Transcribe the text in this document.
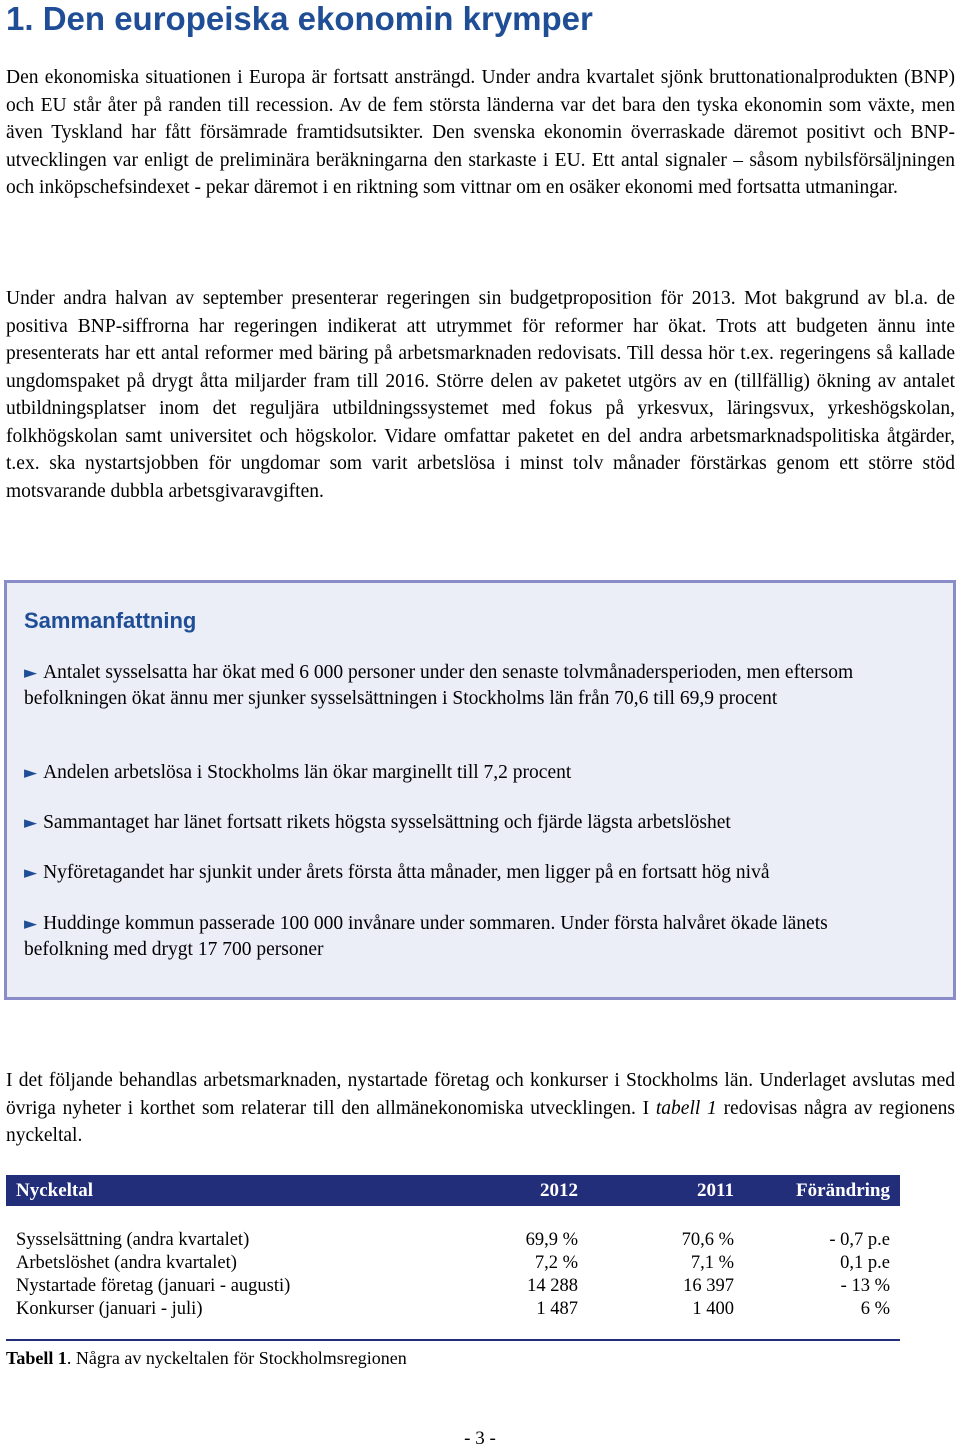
1. Den europeiska ekonomin krymper

Den ekonomiska situationen i Europa är fortsatt ansträngd. Under andra kvartalet sjönk bruttonationalprodukten (BNP) och EU står åter på randen till recession. Av de fem största länderna var det bara den tyska ekonomin som växte, men även Tyskland har fått försämrade framtidsutsikter. Den svenska ekonomin överraskade däremot positivt och BNP-utvecklingen var enligt de preliminära beräkningarna den starkaste i EU. Ett antal signaler – såsom nybilsförsäljningen och inköpschefsindexet - pekar däremot i en riktning som vittnar om en osäker ekonomi med fortsatta utmaningar.

Under andra halvan av september presenterar regeringen sin budgetproposition för 2013. Mot bakgrund av bl.a. de positiva BNP-siffrorna har regeringen indikerat att utrymmet för reformer har ökat. Trots att budgeten ännu inte presenterats har ett antal reformer med bäring på arbetsmarknaden redovisats. Till dessa hör t.ex. regeringens så kallade ungdomspaket på drygt åtta miljarder fram till 2016. Större delen av paketet utgörs av en (tillfällig) ökning av antalet utbildningsplatser inom det reguljära utbildningssystemet med fokus på yrkesvux, läringsvux, yrkeshögskolan, folkhögskolan samt universitet och högskolor. Vidare omfattar paketet en del andra arbetsmarknadspolitiska åtgärder, t.ex. ska nystartsjobben för ungdomar som varit arbetslösa i minst tolv månader förstärkas genom ett större stöd motsvarande dubbla arbetsgivaravgiften.

Sammanfattning

► Antalet sysselsatta har ökat med 6 000 personer under den senaste tolvmånadersperioden, men eftersom befolkningen ökat ännu mer sjunker sysselsättningen i Stockholms län från 70,6 till 69,9 procent

► Andelen arbetslösa i Stockholms län ökar marginellt till 7,2 procent

► Sammantaget har länet fortsatt rikets högsta sysselsättning och fjärde lägsta arbetslöshet

► Nyföretagandet har sjunkit under årets första åtta månader, men ligger på en fortsatt hög nivå

► Huddinge kommun passerade 100 000 invånare under sommaren. Under första halvåret ökade länets befolkning med drygt 17 700 personer

I det följande behandlas arbetsmarknaden, nystartade företag och konkurser i Stockholms län. Underlaget avslutas med övriga nyheter i korthet som relaterar till den allmänekonomiska utvecklingen. I tabell 1 redovisas några av regionens nyckeltal.

Nyckeltal	2012	2011	Förändring
Sysselsättning (andra kvartalet)	69,9 %	70,6 %	- 0,7 p.e
Arbetslöshet (andra kvartalet)	7,2 %	7,1 %	0,1 p.e
Nystartade företag (januari - augusti)	14 288	16 397	- 13 %
Konkurser (januari - juli)	1 487	1 400	6 %

Tabell 1. Några av nyckeltalen för Stockholmsregionen

- 3 -
